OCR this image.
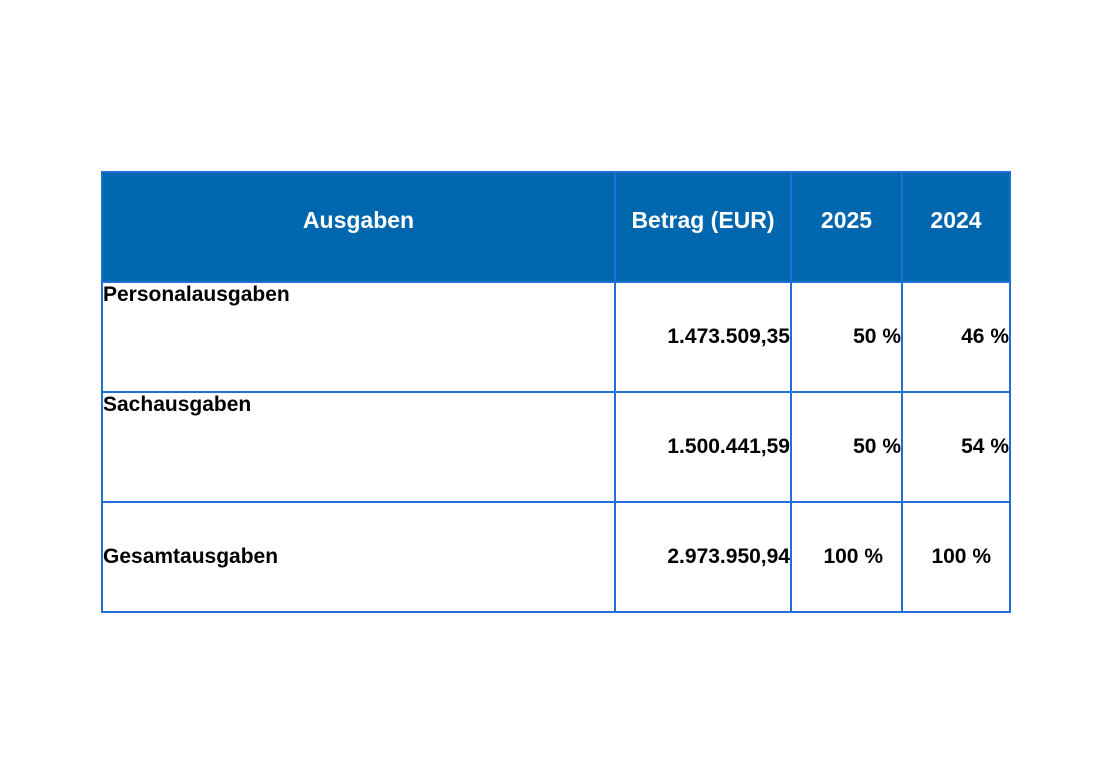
Ausgaben	Betrag (EUR)	2025	2024
Personalausgaben	1.473.509,35	50 %	46 %
Sachausgaben	1.500.441,59	50 %	54 %
Gesamtausgaben	2.973.950,94	100 %	100 %
